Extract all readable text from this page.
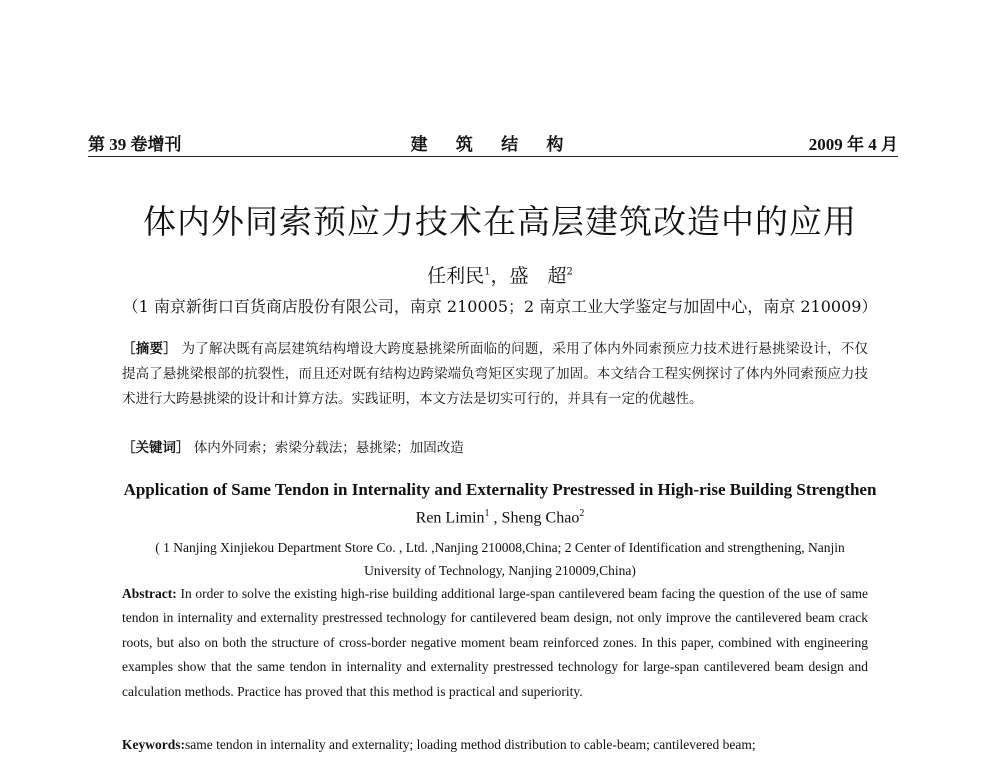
第 39 卷增刊	建 筑 结 构	2009 年 4 月
体内外同索预应力技术在高层建筑改造中的应用
任利民$^1$，盛　超$^2$
（1 南京新街口百货商店股份有限公司，南京 210005；2 南京工业大学鉴定与加固中心，南京 210009）
［摘要］ 为了解决既有高层建筑结构增设大跨度悬挑梁所面临的问题，采用了体内外同索预应力技术进行悬挑梁设计，不仅提高了悬挑梁根部的抗裂性，而且还对既有结构边跨梁端负弯矩区实现了加固。本文结合工程实例探讨了体内外同索预应力技术进行大跨悬挑梁的设计和计算方法。实践证明，本文方法是切实可行的，并具有一定的优越性。
［关键词］ 体内外同索；索梁分载法；悬挑梁；加固改造
Application of Same Tendon in Internality and Externality Prestressed in High-rise Building Strengthen
Ren Limin$^1$ , Sheng Chao$^2$
( 1 Nanjing Xinjiekou Department Store Co. , Ltd. ,Nanjing 210008,China; 2 Center of Identification and strengthening, Nanjin University of Technology, Nanjing 210009,China)
Abstract: In order to solve the existing high-rise building additional large-span cantilevered beam facing the question of the use of same tendon in internality and externality prestressed technology for cantilevered beam design, not only improve the cantilevered beam crack roots, but also on both the structure of cross-border negative moment beam reinforced zones. In this paper, combined with engineering examples show that the same tendon in internality and externality prestressed technology for large-span cantilevered beam design and calculation methods. Practice has proved that this method is practical and superiority.
Keywords:same tendon in internality and externality; loading method distribution to cable-beam; cantilevered beam;
